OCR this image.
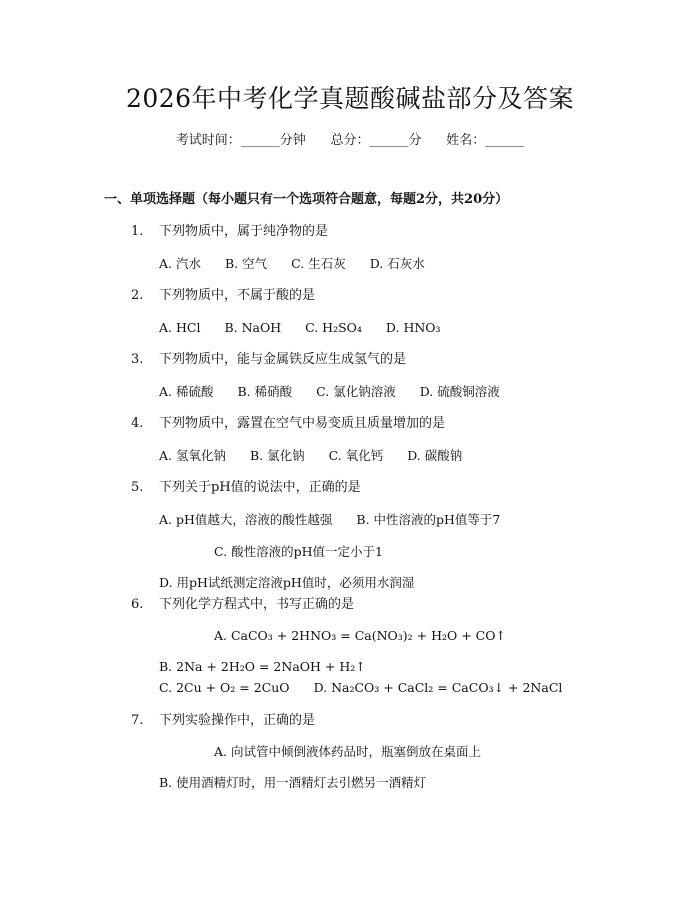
2026年中考化学真题酸碱盐部分及答案
考试时间：______分钟      总分：______分      姓名：______
一、单项选择题（每小题只有一个选项符合题意，每题2分，共20分）
1. 下列物质中，属于纯净物的是
A. 汽水 B. 空气 C. 生石灰 D. 石灰水
2. 下列物质中，不属于酸的是
A. HCl B. NaOH C. H₂SO₄ D. HNO₃
3. 下列物质中，能与金属铁反应生成氢气的是
A. 稀硫酸 B. 稀硝酸 C. 氯化钠溶液 D. 硫酸铜溶液
4. 下列物质中，露置在空气中易变质且质量增加的是
A. 氢氧化钠 B. 氯化钠 C. 氧化钙 D. 碳酸钠
5. 下列关于pH值的说法中，正确的是
A. pH值越大，溶液的酸性越强 B. 中性溶液的pH值等于7
C. 酸性溶液的pH值一定小于1D. 用pH试纸测定溶液pH值时，必须用水润湿
6. 下列化学方程式中，书写正确的是
A. CaCO₃ + 2HNO₃ = Ca(NO₃)₂ + H₂O + CO↑B. 2Na + 2H₂O = 2NaOH + H₂↑
C. 2Cu + O₂ = 2CuO D. Na₂CO₃ + CaCl₂ = CaCO₃↓ + 2NaCl
7. 下列实验操作中，正确的是
A. 向试管中倾倒液体药品时，瓶塞倒放在桌面上B. 使用酒精灯时，用一酒精灯去引燃另一酒精灯
